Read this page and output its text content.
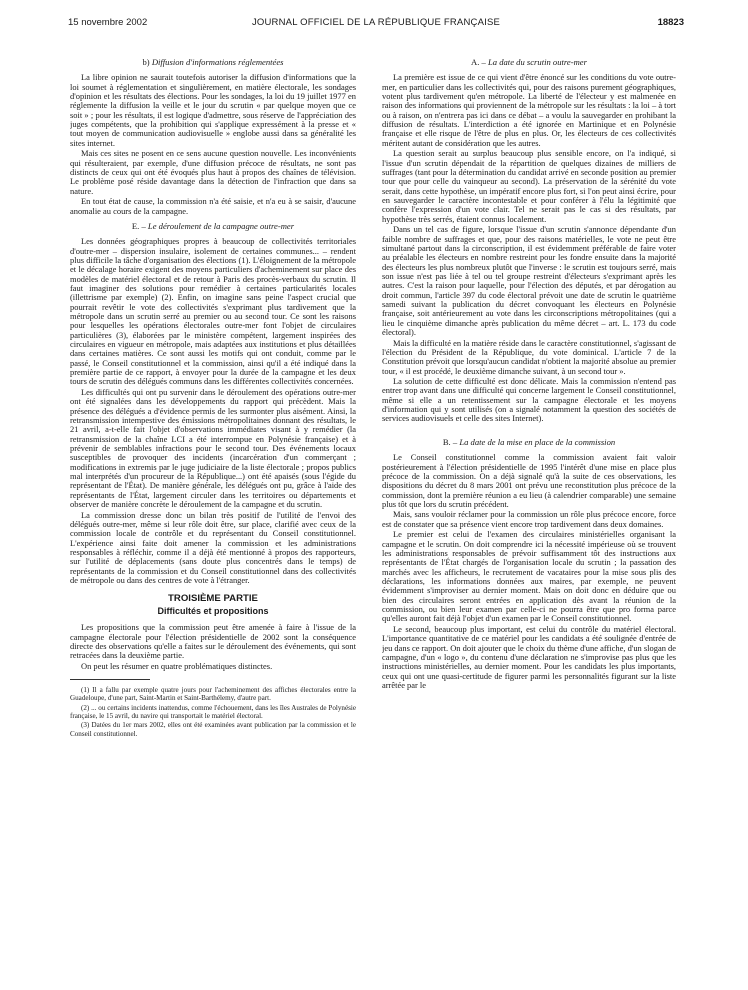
15 novembre 2002	JOURNAL OFFICIEL DE LA RÉPUBLIQUE FRANÇAISE	18823
b) Diffusion d'informations réglementées

La libre opinion ne saurait toutefois autoriser la diffusion d'informations que la loi soumet à réglementation et singulièrement, en matière électorale, les sondages d'opinion et les résultats des élections. Pour les sondages, la loi du 19 juillet 1977 en réglemente la diffusion la veille et le jour du scrutin « par quelque moyen que ce soit » ; pour les résultats, il est logique d'admettre, sous réserve de l'appréciation des juges compétents, que la prohibition qui s'applique expressément à la presse et « tout moyen de communication audiovisuelle » englobe aussi dans sa généralité les sites internet.

Mais ces sites ne posent en ce sens aucune question nouvelle. Les inconvénients qui résulteraient, par exemple, d'une diffusion précoce de résultats, ne sont pas distincts de ceux qui ont été évoqués plus haut à propos des chaînes de télévision. Le problème posé réside davantage dans la détection de l'infraction que dans sa nature.

En tout état de cause, la commission n'a été saisie, et n'a eu à se saisir, d'aucune anomalie au cours de la campagne.

E. – Le déroulement de la campagne outre-mer

Les données géographiques propres à beaucoup de collectivités territoriales d'outre-mer – dispersion insulaire, isolement de certaines communes... – rendent plus difficile la tâche d'organisation des élections (1). L'éloignement de la métropole et le décalage horaire exigent des moyens particuliers d'acheminement sur place des modèles de matériel électoral et de retour à Paris des procès-verbaux du scrutin. Il faut imaginer des solutions pour remédier à certaines particularités locales (illettrisme par exemple) (2). Enfin, on imagine sans peine l'aspect crucial que pourrait revêtir le vote des collectivités s'exprimant plus tardivement que la métropole dans un scrutin serré au premier ou au second tour. Ce sont les raisons pour lesquelles les opérations électorales outre-mer font l'objet de circulaires particulières (3), élaborées par le ministère compétent, largement inspirées des circulaires en vigueur en métropole, mais adaptées aux institutions et plus détaillées dans certaines matières. Ce sont aussi les motifs qui ont conduit, comme par le passé, le Conseil constitutionnel et la commission, ainsi qu'il a été indiqué dans la première partie de ce rapport, à envoyer pour la durée de la campagne et les deux tours de scrutin des délégués communs dans les différentes collectivités concernées.

Les difficultés qui ont pu survenir dans le déroulement des opérations outre-mer ont été signalées dans les développements du rapport qui précèdent. Mais la présence des délégués a d'évidence permis de les surmonter plus aisément. Ainsi, la retransmission intempestive des émissions métropolitaines donnant des résultats, le 21 avril, a-t-elle fait l'objet d'observations immédiates visant à y remédier (la retransmission de la chaîne LCI a été interrompue en Polynésie française) et à prévenir de semblables infractions pour le second tour. Des événements locaux susceptibles de provoquer des incidents (incarcération d'un commerçant ; modifications in extremis par le juge judiciaire de la liste électorale ; propos publics mal interprétés d'un procureur de la République...) ont été apaisés (sous l'égide du représentant de l'État). De manière générale, les délégués ont pu, grâce à l'aide des représentants de l'État, largement circuler dans les territoires ou départements et observer de manière concrète le déroulement de la campagne et du scrutin.

La commission dresse donc un bilan très positif de l'utilité de l'envoi des délégués outre-mer, même si leur rôle doit être, sur place, clarifié avec ceux de la commission locale de contrôle et du représentant du Conseil constitutionnel. L'expérience ainsi faite doit amener la commission et les administrations responsables à réfléchir, comme il a déjà été mentionné à propos des rapporteurs, sur l'utilité de déplacements (sans doute plus concentrés dans le temps) de représentants de la commission et du Conseil constitutionnel dans des collectivités de métropole ou dans des centres de vote à l'étranger.

TROISIÈME PARTIE
Difficultés et propositions

Les propositions que la commission peut être amenée à faire à l'issue de la campagne électorale pour l'élection présidentielle de 2002 sont la conséquence directe des observations qu'elle a faites sur le déroulement des événements, qui sont retracées dans la deuxième partie.

On peut les résumer en quatre problématiques distinctes.

(1) Il a fallu par exemple quatre jours pour l'acheminement des affiches électorales entre la Guadeloupe, d'une part, Saint-Martin et Saint-Barthélemy, d'autre part.

(2) ... ou certains incidents inattendus, comme l'échouement, dans les îles Australes de Polynésie française, le 15 avril, du navire qui transportait le matériel électoral.

(3) Datées du 1er mars 2002, elles ont été examinées avant publication par la commission et le Conseil constitutionnel.

A. – La date du scrutin outre-mer

La première est issue de ce qui vient d'être énoncé sur les conditions du vote outre-mer, en particulier dans les collectivités qui, pour des raisons purement géographiques, votent plus tardivement qu'en métropole. La liberté de l'électeur y est malmenée en raison des informations qui proviennent de la métropole sur les résultats : la loi – à tort ou à raison, on n'entrera pas ici dans ce débat – a voulu la sauvegarder en prohibant la diffusion de résultats. L'interdiction a été ignorée en Martinique et en Polynésie française et elle risque de l'être de plus en plus. Or, les électeurs de ces collectivités méritent autant de considération que les autres.

La question serait au surplus beaucoup plus sensible encore, on l'a indiqué, si l'issue d'un scrutin dépendait de la répartition de quelques dizaines de milliers de suffrages (tant pour la détermination du candidat arrivé en seconde position au premier tour que pour celle du vainqueur au second). La préservation de la sérénité du vote serait, dans cette hypothèse, un impératif encore plus fort, si l'on peut ainsi écrire, pour en sauvegarder le caractère incontestable et pour conférer à l'élu la légitimité que confère l'expression d'un vote clair. Tel ne serait pas le cas si des résultats, par hypothèse très serrés, étaient connus localement.

Dans un tel cas de figure, lorsque l'issue d'un scrutin s'annonce dépendante d'un faible nombre de suffrages et que, pour des raisons matérielles, le vote ne peut être simultané partout dans la circonscription, il est évidemment préférable de faire voter au préalable les électeurs en nombre restreint pour les fondre ensuite dans la majorité des électeurs les plus nombreux plutôt que l'inverse : le scrutin est toujours serré, mais son issue n'est pas liée à tel ou tel groupe restreint d'électeurs s'exprimant après les autres. C'est la raison pour laquelle, pour l'élection des députés, et par dérogation au droit commun, l'article 397 du code électoral prévoit une date de scrutin le quatrième samedi suivant la publication du décret convoquant les électeurs en Polynésie française, soit antérieurement au vote dans les circonscriptions métropolitaines (qui a lieu le cinquième dimanche après publication du même décret – art. L. 173 du code électoral).

Mais la difficulté en la matière réside dans le caractère constitutionnel, s'agissant de l'élection du Président de la République, du vote dominical. L'article 7 de la Constitution prévoit que lorsqu'aucun candidat n'obtient la majorité absolue au premier tour, « il est procédé, le deuxième dimanche suivant, à un second tour ».

La solution de cette difficulté est donc délicate. Mais la commission n'entend pas entrer trop avant dans une difficulté qui concerne largement le Conseil constitutionnel, même si elle a un retentissement sur la campagne électorale et les moyens d'information qui y sont utilisés (on a signalé notamment la question des sociétés de services audiovisuels et celle des sites Internet).

B. – La date de la mise en place de la commission

Le Conseil constitutionnel comme la commission avaient fait valoir postérieurement à l'élection présidentielle de 1995 l'intérêt d'une mise en place plus précoce de la commission. On a déjà signalé qu'à la suite de ces observations, les dispositions du décret du 8 mars 2001 ont prévu une reconstitution plus précoce de la commission, dont la première réunion a eu lieu (à calendrier comparable) une semaine plus tôt que lors du scrutin précédent.

Mais, sans vouloir réclamer pour la commission un rôle plus précoce encore, force est de constater que sa présence vient encore trop tardivement dans deux domaines.

Le premier est celui de l'examen des circulaires ministérielles organisant la campagne et le scrutin. On doit comprendre ici la nécessité impérieuse où se trouvent les administrations responsables de prévoir suffisamment tôt des instructions aux représentants de l'État chargés de l'organisation locale du scrutin ; la passation des marchés avec les afficheurs, le recrutement de vacataires pour la mise sous plis des déclarations, les informations données aux maires, par exemple, ne peuvent évidemment s'improviser au dernier moment. Mais on doit donc en déduire que ou bien des circulaires seront entrées en application dès avant la réunion de la commission, ou bien leur examen par celle-ci ne pourra être que pro forma parce qu'elles auront fait déjà l'objet d'un examen par le Conseil constitutionnel.

Le second, beaucoup plus important, est celui du contrôle du matériel électoral. L'importance quantitative de ce matériel pour les candidats a été soulignée d'entrée de jeu dans ce rapport. On doit ajouter que le choix du thème d'une affiche, d'un slogan de campagne, d'un « logo », du contenu d'une déclaration ne s'improvise pas plus que les instructions ministérielles, au dernier moment. Pour les candidats les plus importants, ceux qui ont une quasi-certitude de figurer parmi les personnalités figurant sur la liste arrêtée par le
